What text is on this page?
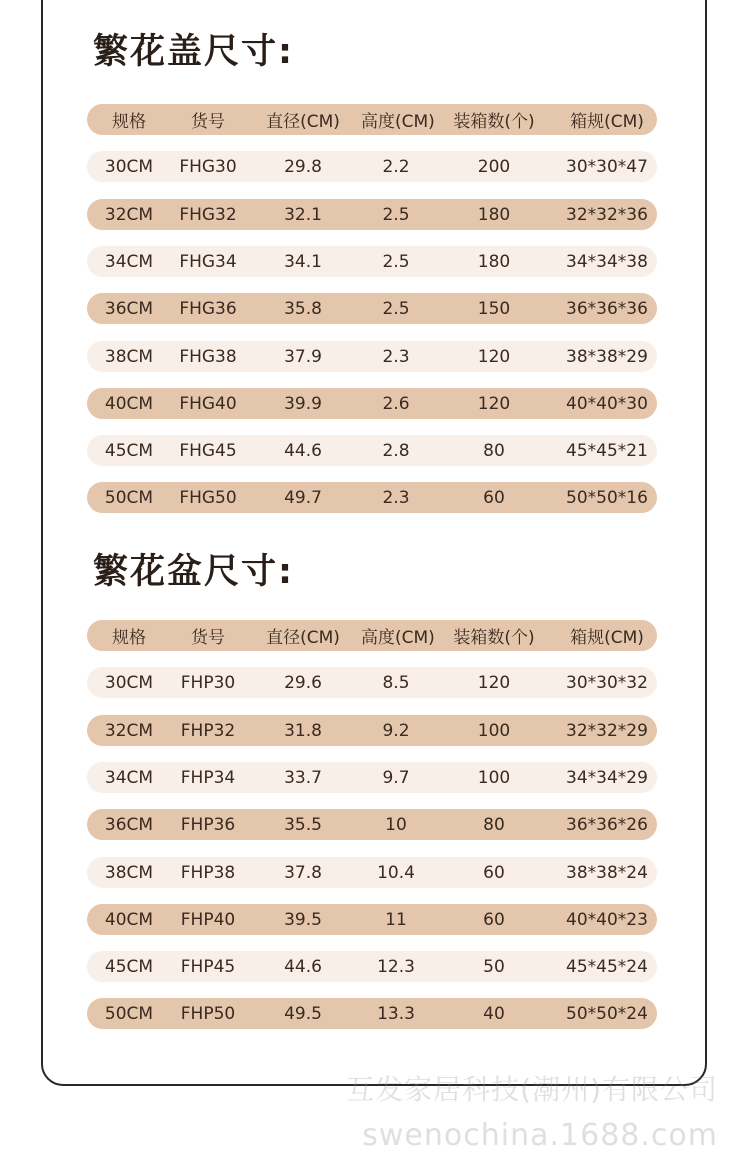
繁花盖尺寸:
规格	货号	直径(CM)	高度(CM)	装箱数(个)	箱规(CM)
30CM	FHG30	29.8	2.2	200	30*30*47
32CM	FHG32	32.1	2.5	180	32*32*36
34CM	FHG34	34.1	2.5	180	34*34*38
36CM	FHG36	35.8	2.5	150	36*36*36
38CM	FHG38	37.9	2.3	120	38*38*29
40CM	FHG40	39.9	2.6	120	40*40*30
45CM	FHG45	44.6	2.8	80	45*45*21
50CM	FHG50	49.7	2.3	60	50*50*16
繁花盆尺寸:
规格	货号	直径(CM)	高度(CM)	装箱数(个)	箱规(CM)
30CM	FHP30	29.6	8.5	120	30*30*32
32CM	FHP32	31.8	9.2	100	32*32*29
34CM	FHP34	33.7	9.7	100	34*34*29
36CM	FHP36	35.5	10	80	36*36*26
38CM	FHP38	37.8	10.4	60	38*38*24
40CM	FHP40	39.5	11	60	40*40*23
45CM	FHP45	44.6	12.3	50	45*45*24
50CM	FHP50	49.5	13.3	40	50*50*24

互发家居科技(潮州)有限公司

swenochina.1688.com
